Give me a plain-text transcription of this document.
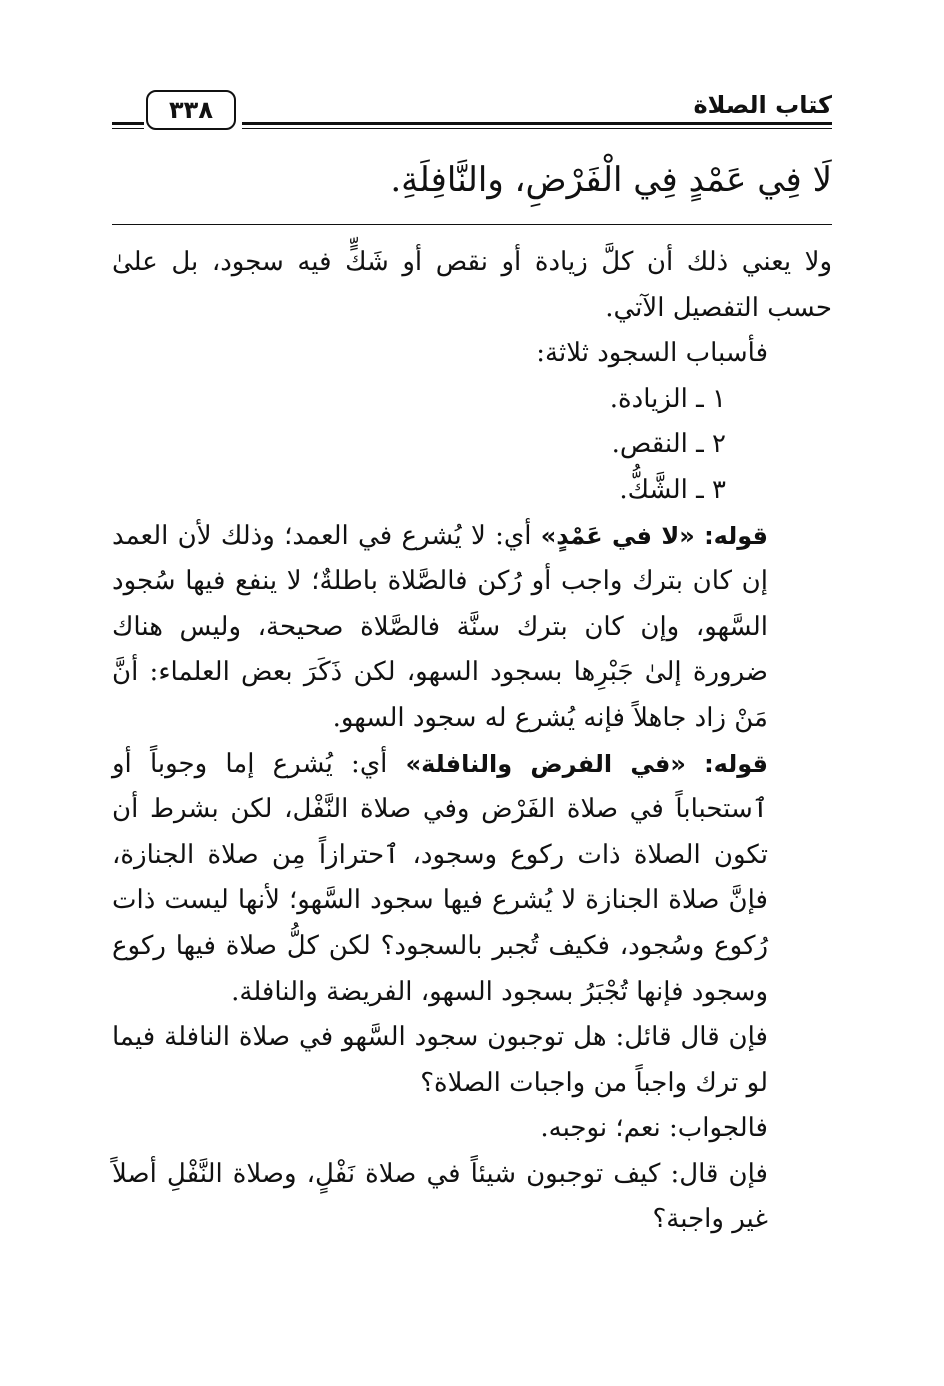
كتاب الصلاة
٣٣٨
لَا فِي عَمْدٍ فِي الْفَرْضِ، والنَّافِلَةِ.

ولا يعني ذلك أن كلَّ زيادة أو نقص أو شَكٍّ فيه سجود، بل علىٰ حسب التفصيل الآتي.

فأسباب السجود ثلاثة:

١ ـ الزيادة.

٢ ـ النقص.

٣ ـ الشَّكُّ.

قوله: «لا في عَمْدٍ» أي: لا يُشرع في العمد؛ وذلك لأن العمد إن كان بترك واجب أو رُكن فالصَّلاة باطلةٌ؛ لا ينفع فيها سُجود السَّهو، وإن كان بترك سنَّة فالصَّلاة صحيحة، وليس هناك ضرورة إلىٰ جَبْرِها بسجود السهو، لكن ذَكَرَ بعض العلماء: أنَّ مَنْ زاد جاهلاً فإنه يُشرع له سجود السهو.

قوله: «في الفرض والنافلة» أي: يُشرع إما وجوباً أو ٱستحباباً في صلاة الفَرْض وفي صلاة النَّفْل، لكن بشرط أن تكون الصلاة ذات ركوع وسجود، ٱحترازاً مِن صلاة الجنازة، فإنَّ صلاة الجنازة لا يُشرع فيها سجود السَّهو؛ لأنها ليست ذات رُكوع وسُجود، فكيف تُجبر بالسجود؟ لكن كلُّ صلاة فيها ركوع وسجود فإنها تُجْبَرُ بسجود السهو، الفريضة والنافلة.

فإن قال قائل: هل توجبون سجود السَّهو في صلاة النافلة فيما لو ترك واجباً من واجبات الصلاة؟

فالجواب: نعم؛ نوجبه.

فإن قال: كيف توجبون شيئاً في صلاة نَفْلٍ، وصلاة النَّفْلِ أصلاً غير واجبة؟
